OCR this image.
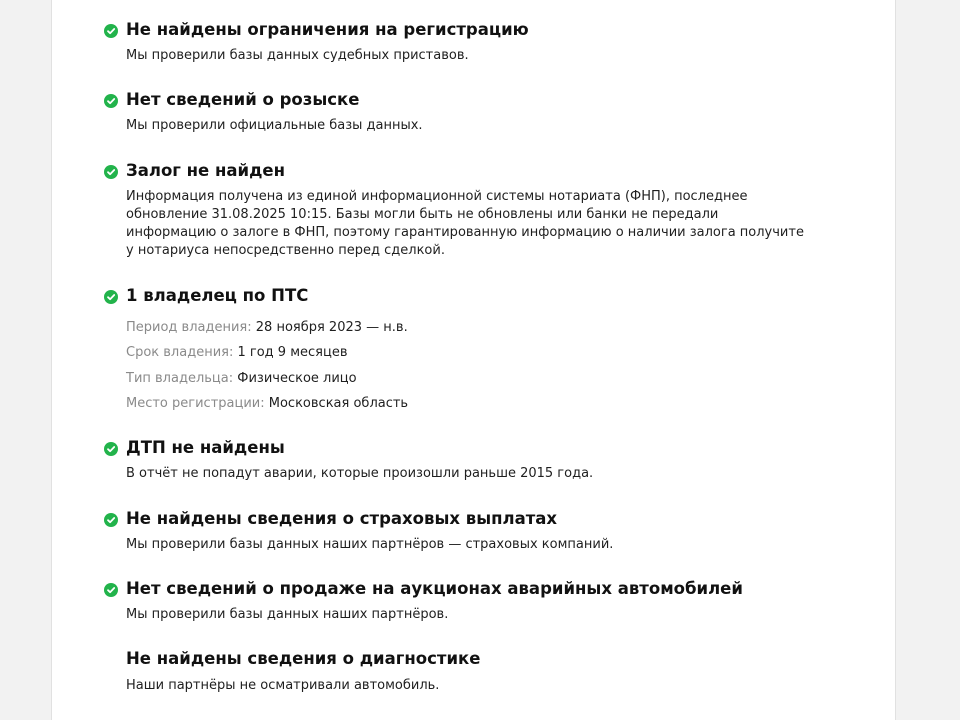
Не найдены ограничения на регистрацию

Мы проверили базы данных судебных приставов.

Нет сведений о розыске

Мы проверили официальные базы данных.

Залог не найден

Информация получена из единой информационной системы нотариата (ФНП), последнее обновление 31.08.2025 10:15. Базы могли быть не обновлены или банки не передали информацию о залоге в ФНП, поэтому гарантированную информацию о наличии залога получите у нотариуса непосредственно перед сделкой.

1 владелец по ПТС

Период владения: 28 ноября 2023 — н.в.

Срок владения: 1 год 9 месяцев

Тип владельца: Физическое лицо

Место регистрации: Московская область

ДТП не найдены

В отчёт не попадут аварии, которые произошли раньше 2015 года.

Не найдены сведения о страховых выплатах

Мы проверили базы данных наших партнёров — страховых компаний.

Нет сведений о продаже на аукционах аварийных автомобилей

Мы проверили базы данных наших партнёров.

Не найдены сведения о диагностике

Наши партнёры не осматривали автомобиль.
